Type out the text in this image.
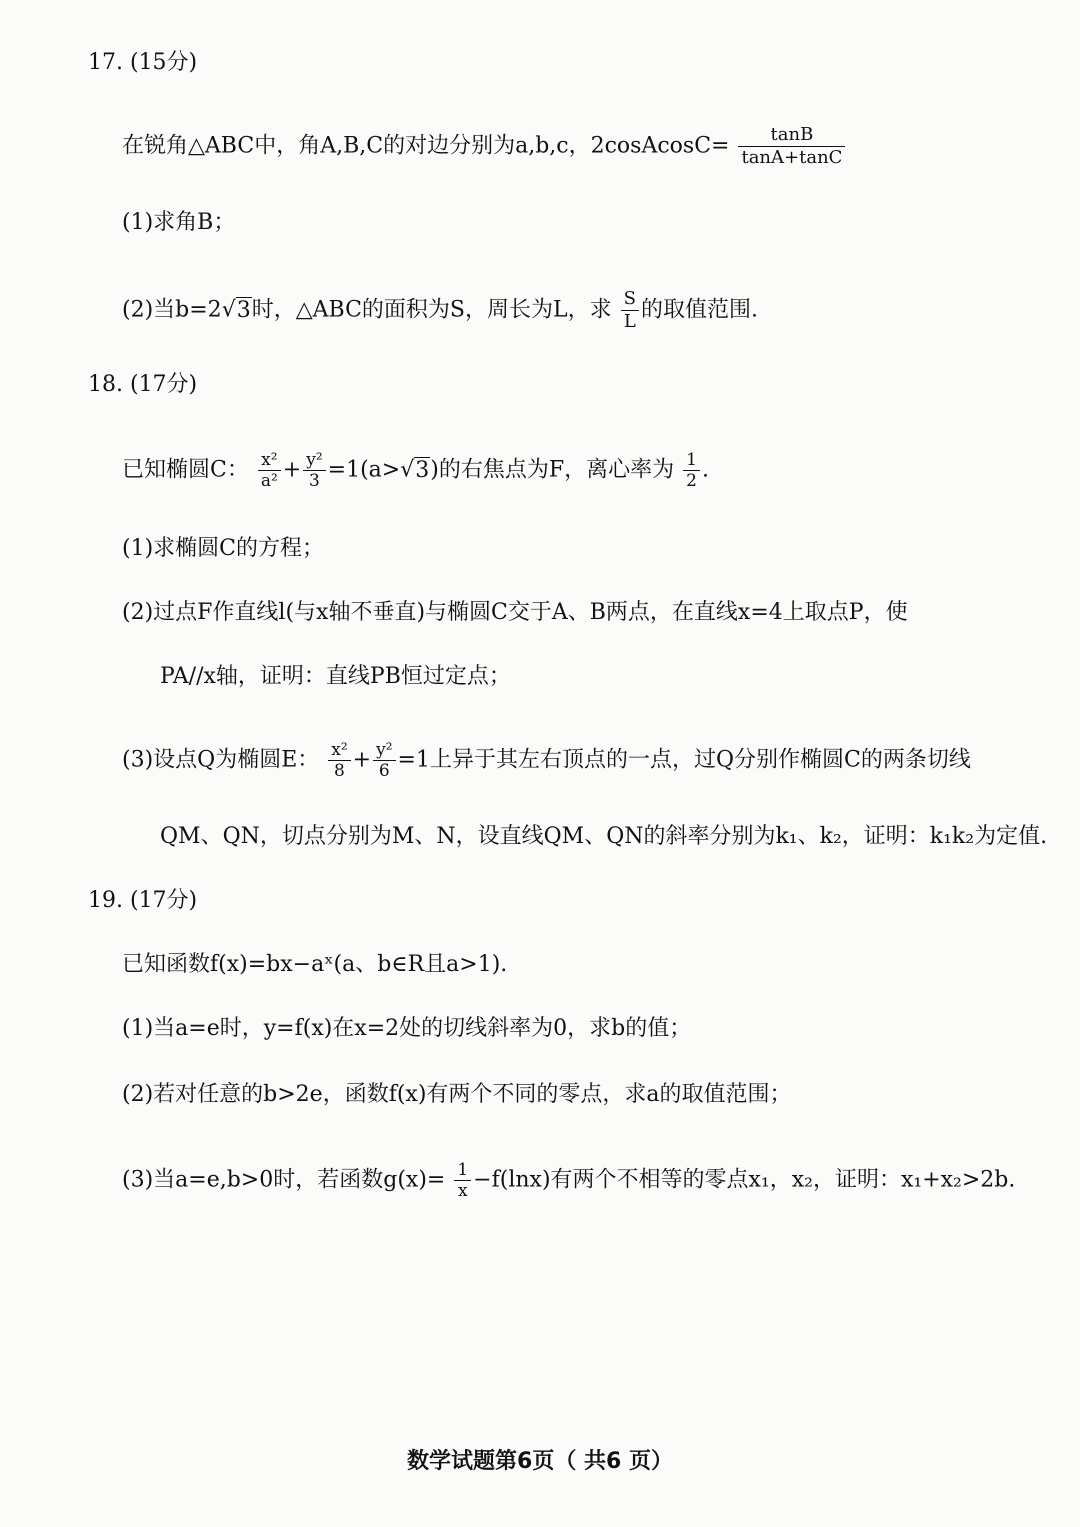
17. (15分)
在锐角△ABC中，角A,B,C的对边分别为a,b,c，2cosAcosC= $\frac{\tan B}{\tan A+\tan C}$
(1)求角B；
(2)当b=2√3时，△ABC的面积为S，周长为L，求 $\frac{S}{L}$ 的取值范围.
18. (17分)
已知椭圆C： $\frac{\text{x²}}{\text{a²}} + \frac{\text{y²}}{3} =1(a>√3)$的右焦点为F，离心率为 $\frac{1}{2}$ .
(1)求椭圆C的方程；
(2)过点F作直线l(与x轴不垂直)与椭圆C交于A、B两点，在直线x=4上取点P，使
PA//x轴，证明：直线PB恒过定点；
(3)设点Q为椭圆E： $\frac{\text{x²}}{8} + \frac{\text{y²}}{6} =1$上异于其左右顶点的一点，过Q分别作椭圆C的两条切线
QM、QN，切点分别为M、N，设直线QM、QN的斜率分别为k₁、k₂，证明：k₁k₂为定值.
19. (17分)
已知函数f(x)=bx−aˣ(a、b∈R且a>1).
(1)当a=e时，y=f(x)在x=2处的切线斜率为0，求b的值；
(2)若对任意的b>2e，函数f(x)有两个不同的零点，求a的取值范围；
(3)当a=e,b>0时，若函数$g(x)= \frac{1}{x} -f(\ln x)$有两个不相等的零点x₁，x₂，证明：x₁+x₂>2b.
数学试题第6页（ 共6 页）
